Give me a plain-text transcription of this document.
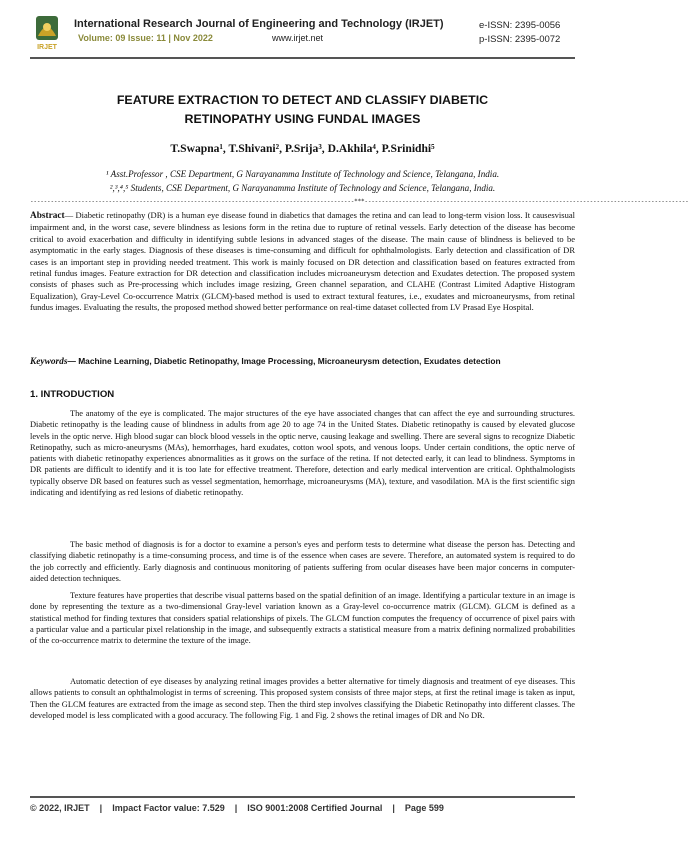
IRJET
International Research Journal of Engineering and Technology (IRJET)
Volume: 09 Issue: 11 | Nov 2022	www.irjet.net
e-ISSN: 2395-0056
p-ISSN: 2395-0072
FEATURE EXTRACTION TO DETECT AND CLASSIFY DIABETIC
RETINOPATHY USING FUNDAL IMAGES
T.Swapna¹, T.Shivani², P.Srija³, D.Akhila⁴, P.Srinidhi⁵
¹ Asst.Professor , CSE Department, G Narayanamma Institute of Technology and Science, Telangana, India.
²,³,⁴,⁵ Students, CSE Department, G Narayanamma Institute of Technology and Science, Telangana, India.
-----------------------------------------------------------------------------------------------***-----------------------------------------------------------------------------------------------
Abstract— Diabetic retinopathy (DR) is a human eye disease found in diabetics that damages the retina and can lead to long-term vision loss. It causesvisual impairment and, in the worst case, severe blindness as lesions form in the retina due to rupture of retinal vessels. Early detection of the disease has become critical to avoid exacerbation and difficulty in identifying subtle lesions in advanced stages of the disease. The main cause of blindness is believed to be asymptomatic in the early stages. Diagnosis of these diseases is time-consuming and difficult for ophthalmologists. Early detection and classification of DR cases is an important step in providing needed treatment. This work is mainly focused on DR detection and classification based on features extracted from retinal fundus images. Feature extraction for DR detection and classification includes microaneurysm detection and Exudates detection. The proposed system consists of phases such as Pre-processing which includes image resizing, Green channel separation, and CLAHE (Contrast Limited Adaptive Histogram Equalization), Gray-Level Co-occurrence Matrix (GLCM)-based method is used to extract textural features, i.e., exudates and microaneurysms, from retinal fundus images. Evaluating the results, the proposed method showed better performance on real-time dataset collected from LV Prasad Eye Hospital.
Keywords— Machine Learning, Diabetic Retinopathy, Image Processing, Microaneurysm detection, Exudates detection
1. INTRODUCTION
The anatomy of the eye is complicated. The major structures of the eye have associated changes that can affect the eye and surrounding structures. Diabetic retinopathy is the leading cause of blindness in adults from age 20 to age 74 in the United States. Diabetic retinopathy is caused by elevated glucose levels in the optic nerve. High blood sugar can block blood vessels in the optic nerve, causing leakage and swelling. There are several signs to recognize Diabetic Retinopathy, such as micro-aneurysms (MAs), hemorrhages, hard exudates, cotton wool spots, and venous loops. Under certain conditions, the optic nerve of patients with diabetic retinopathy experiences abnormalities as it grows on the surface of the retina. If not detected early, it can lead to blindness. Symptoms in DR patients are difficult to identify and it is too late for effective treatment. Therefore, detection and early medical intervention are critical. Ophthalmologists typically observe DR based on features such as vessel segmentation, hemorrhage, microaneurysms (MA), texture, and vasodilation. MA is the first scientific sign indicating and identifying as red lesions of diabetic retinopathy.
The basic method of diagnosis is for a doctor to examine a person's eyes and perform tests to determine what disease the person has. Detecting and classifying diabetic retinopathy is a time-consuming process, and time is of the essence when cases are severe. Therefore, an automated system is required to do the job correctly and efficiently. Early diagnosis and continuous monitoring of patients suffering from ocular diseases have been major concerns in computer-aided detection techniques.
Texture features have properties that describe visual patterns based on the spatial definition of an image. Identifying a particular texture in an image is done by representing the texture as a two-dimensional Gray-level variation known as a Gray-level co-occurrence matrix (GLCM). GLCM is defined as a statistical method for finding textures that considers spatial relationships of pixels. The GLCM function computes the frequency of occurrence of pixel pairs with a particular value and a particular pixel relationship in the image, and subsequently extracts a statistical measure from a matrix defining normalized probabilities of the co-occurrence matrix to determine the texture of the image.
Automatic detection of eye diseases by analyzing retinal images provides a better alternative for timely diagnosis and treatment of eye diseases. This allows patients to consult an ophthalmologist in terms of screening. This proposed system consists of three major steps, at first the retinal image is taken as input, Then the GLCM features are extracted from the image as second step. Then the third step involves classifying the Diabetic Retinopathy into different classes. The developed model is less complicated with a good accuracy. The following Fig. 1 and Fig. 2 shows the retinal images of DR and No DR.
© 2022, IRJET | Impact Factor value: 7.529 | ISO 9001:2008 Certified Journal | Page 599
